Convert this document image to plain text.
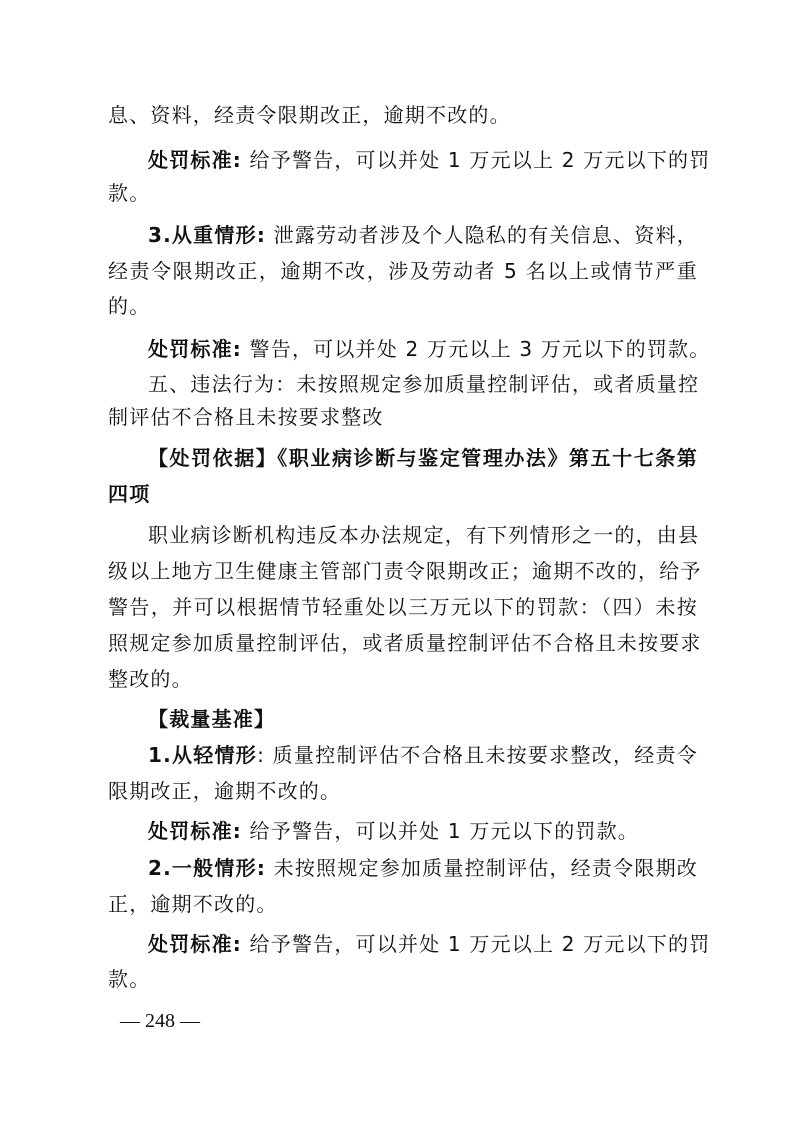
息、资料，经责令限期改正，逾期不改的。
处罚标准: 给予警告，可以并处 1 万元以上 2 万元以下的罚
款。
3.从重情形: 泄露劳动者涉及个人隐私的有关信息、资料，
经责令限期改正，逾期不改，涉及劳动者 5 名以上或情节严重
的。
处罚标准: 警告，可以并处 2 万元以上 3 万元以下的罚款。
五、违法行为：未按照规定参加质量控制评估，或者质量控
制评估不合格且未按要求整改
【处罚依据】《职业病诊断与鉴定管理办法》第五十七条第
四项
职业病诊断机构违反本办法规定，有下列情形之一的，由县
级以上地方卫生健康主管部门责令限期改正；逾期不改的，给予
警告，并可以根据情节轻重处以三万元以下的罚款：（四）未按
照规定参加质量控制评估，或者质量控制评估不合格且未按要求
整改的。
【裁量基准】
1.从轻情形: 质量控制评估不合格且未按要求整改，经责令
限期改正，逾期不改的。
处罚标准: 给予警告，可以并处 1 万元以下的罚款。
2.一般情形: 未按照规定参加质量控制评估，经责令限期改
正，逾期不改的。
处罚标准: 给予警告，可以并处 1 万元以上 2 万元以下的罚
款。
— 248 —
